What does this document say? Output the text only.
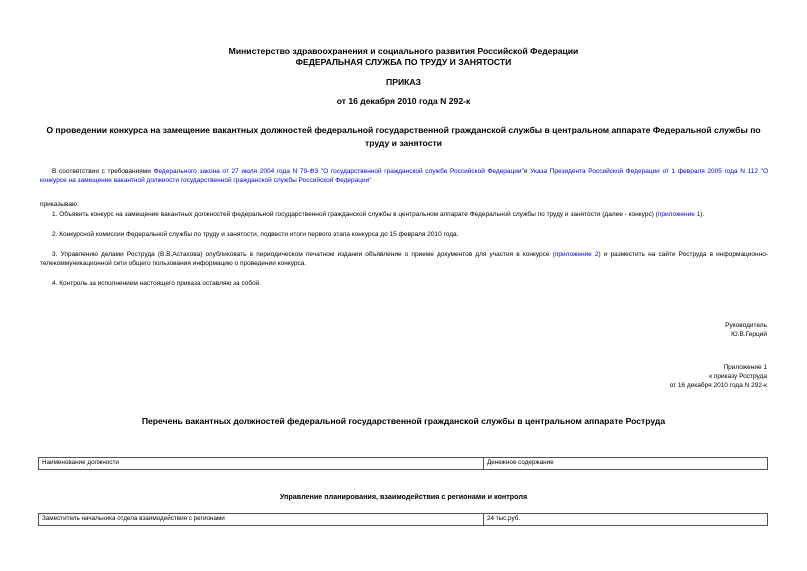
Министерство здравоохранения и социального развития Российской Федерации
ФЕДЕРАЛЬНАЯ СЛУЖБА ПО ТРУДУ И ЗАНЯТОСТИ
ПРИКАЗ
от 16 декабря 2010 года N 292-к
О проведении конкурса на замещение вакантных должностей федеральной государственной гражданской службы в центральном аппарате Федеральной службы по труду и занятости
В соответствии с требованиями Федерального закона от 27 июля 2004 года N 79-ФЗ "О государственной гражданской службе Российской Федерации"и Указа Президента Российской Федерации от 1 февраля 2005 года N 112 "О конкурсе на замещение вакантной должности государственной гражданской службы Российской Федерации"
приказываю:
1. Объявить конкурс на замещение вакантных должностей федеральной государственной гражданской службы в центральном аппарате Федеральной службы по труду и занятости (далее - конкурс) (приложение 1).
2. Конкурсной комиссии Федеральной службы по труду и занятости, подвести итоги первого этапа конкурса до 15 февраля 2010 года.
3. Управлению делами Роструда (В.В.Астахова) опубликовать в периодическом печатном издании объявление о приеме документов для участия в конкурсе (приложение 2) и разместить на сайте Роструда в информационно-телекоммуникационной сети общего пользования информацию о проведении конкурса.
4. Контроль за исполнением настоящего приказа оставляю за собой.
Руководитель
Ю.В.Герций
Приложение 1
к приказу Роструда
от 16 декабря 2010 года N 292-к
Перечень вакантных должностей федеральной государственной гражданской службы в центральном аппарате Роструда
Наименование должности	Денежное содержание
Управление планирования, взаимодействия с регионами и контроля
Заместитель начальника отдела взаимодействия с регионами	24 тыс.руб.
